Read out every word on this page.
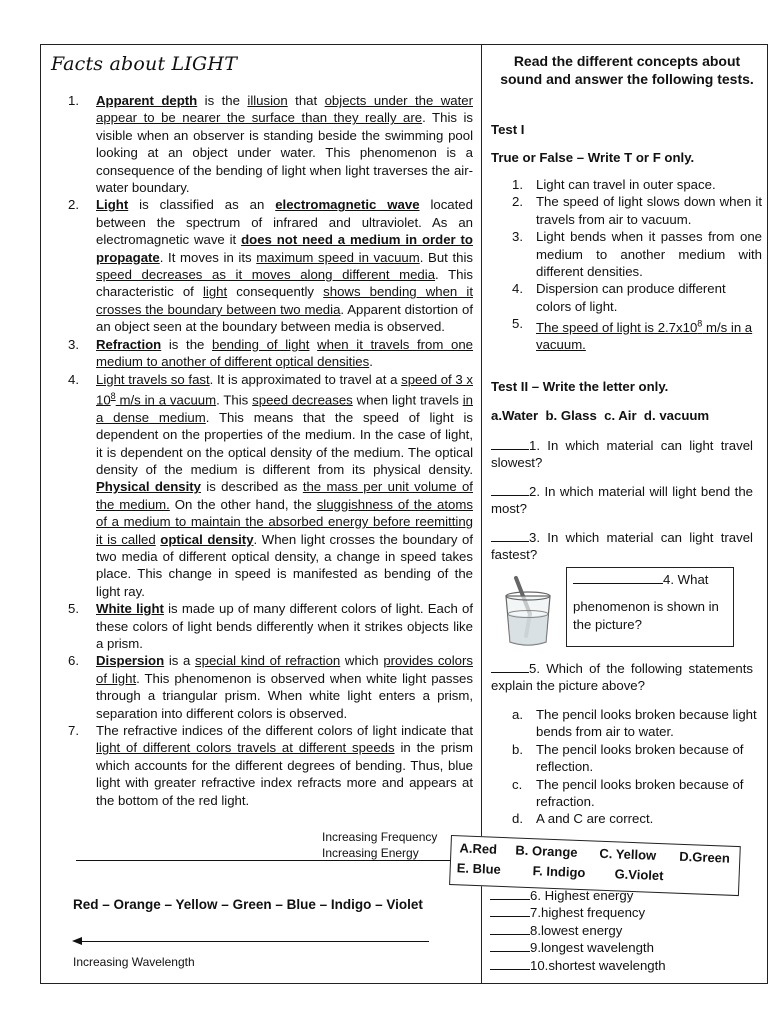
Facts about LIGHT

1.	Apparent depth is the illusion that objects under the water appear to be nearer the surface than they really are. This is visible when an observer is standing beside the swimming pool looking at an object under water. This phenomenon is a consequence of the bending of light when light traverses the air-water boundary.

2.	Light is classified as an electromagnetic wave located between the spectrum of infrared and ultraviolet. As an electromagnetic wave it does not need a medium in order to propagate. It moves in its maximum speed in vacuum. But this speed decreases as it moves along different media. This characteristic of light consequently shows bending when it crosses the boundary between two media. Apparent distortion of an object seen at the boundary between media is observed.

3.	Refraction is the bending of light when it travels from one medium to another of different optical densities.

4.	Light travels so fast. It is approximated to travel at a speed of 3 x $10^8$ m/s in a vacuum. This speed decreases when light travels in a dense medium. This means that the speed of light is dependent on the properties of the medium. In the case of light, it is dependent on the optical density of the medium. The optical density of the medium is different from its physical density. Physical density is described as the mass per unit volume of the medium. On the other hand, the sluggishness of the atoms of a medium to maintain the absorbed energy before reemitting it is called optical density. When light crosses the boundary of two media of different optical density, a change in speed takes place. This change in speed is manifested as bending of the light ray.

5.	White light is made up of many different colors of light. Each of these colors of light bends differently when it strikes objects like a prism.

6.	Dispersion is a special kind of refraction which provides colors of light. This phenomenon is observed when white light passes through a triangular prism. When white light enters a prism, separation into different colors is observed.

7.	The refractive indices of the different colors of light indicate that light of different colors travels at different speeds in the prism which accounts for the different degrees of bending. Thus, blue light with greater refractive index refracts more and appears at the bottom of the red light.

Increasing Frequency
Increasing Energy
Red – Orange – Yellow – Green – Blue – Indigo – Violet
Increasing Wavelength
Read the different concepts about sound and answer the following tests.
Test I
True or False – Write T or F only.
1. Light can travel in outer space.
2. The speed of light slows down when it travels from air to vacuum.
3. Light bends when it passes from one medium to another medium with different densities.
4. Dispersion can produce different colors of light.
5. The speed of light is $2.7x10^8$ m/s in a vacuum.
Test II – Write the letter only.
a.Water  b. Glass  c. Air  d. vacuum
1. In which material can light travel slowest?
2. In which material will light bend the most?
3. In which material can light travel fastest?
4. What
phenomenon is shown in the picture?
5. Which of the following statements explain the picture above?
a. The pencil looks broken because light bends from air to water.
b. The pencil looks broken because of reflection.
c. The pencil looks broken because of refraction.
d. A and C are correct.
6. Highest energy
7.highest frequency
8.lowest energy
9.longest wavelength
10.shortest wavelength
A.Red B. Orange C. Yellow D.Green
E. Blue F. Indigo G.Violet
